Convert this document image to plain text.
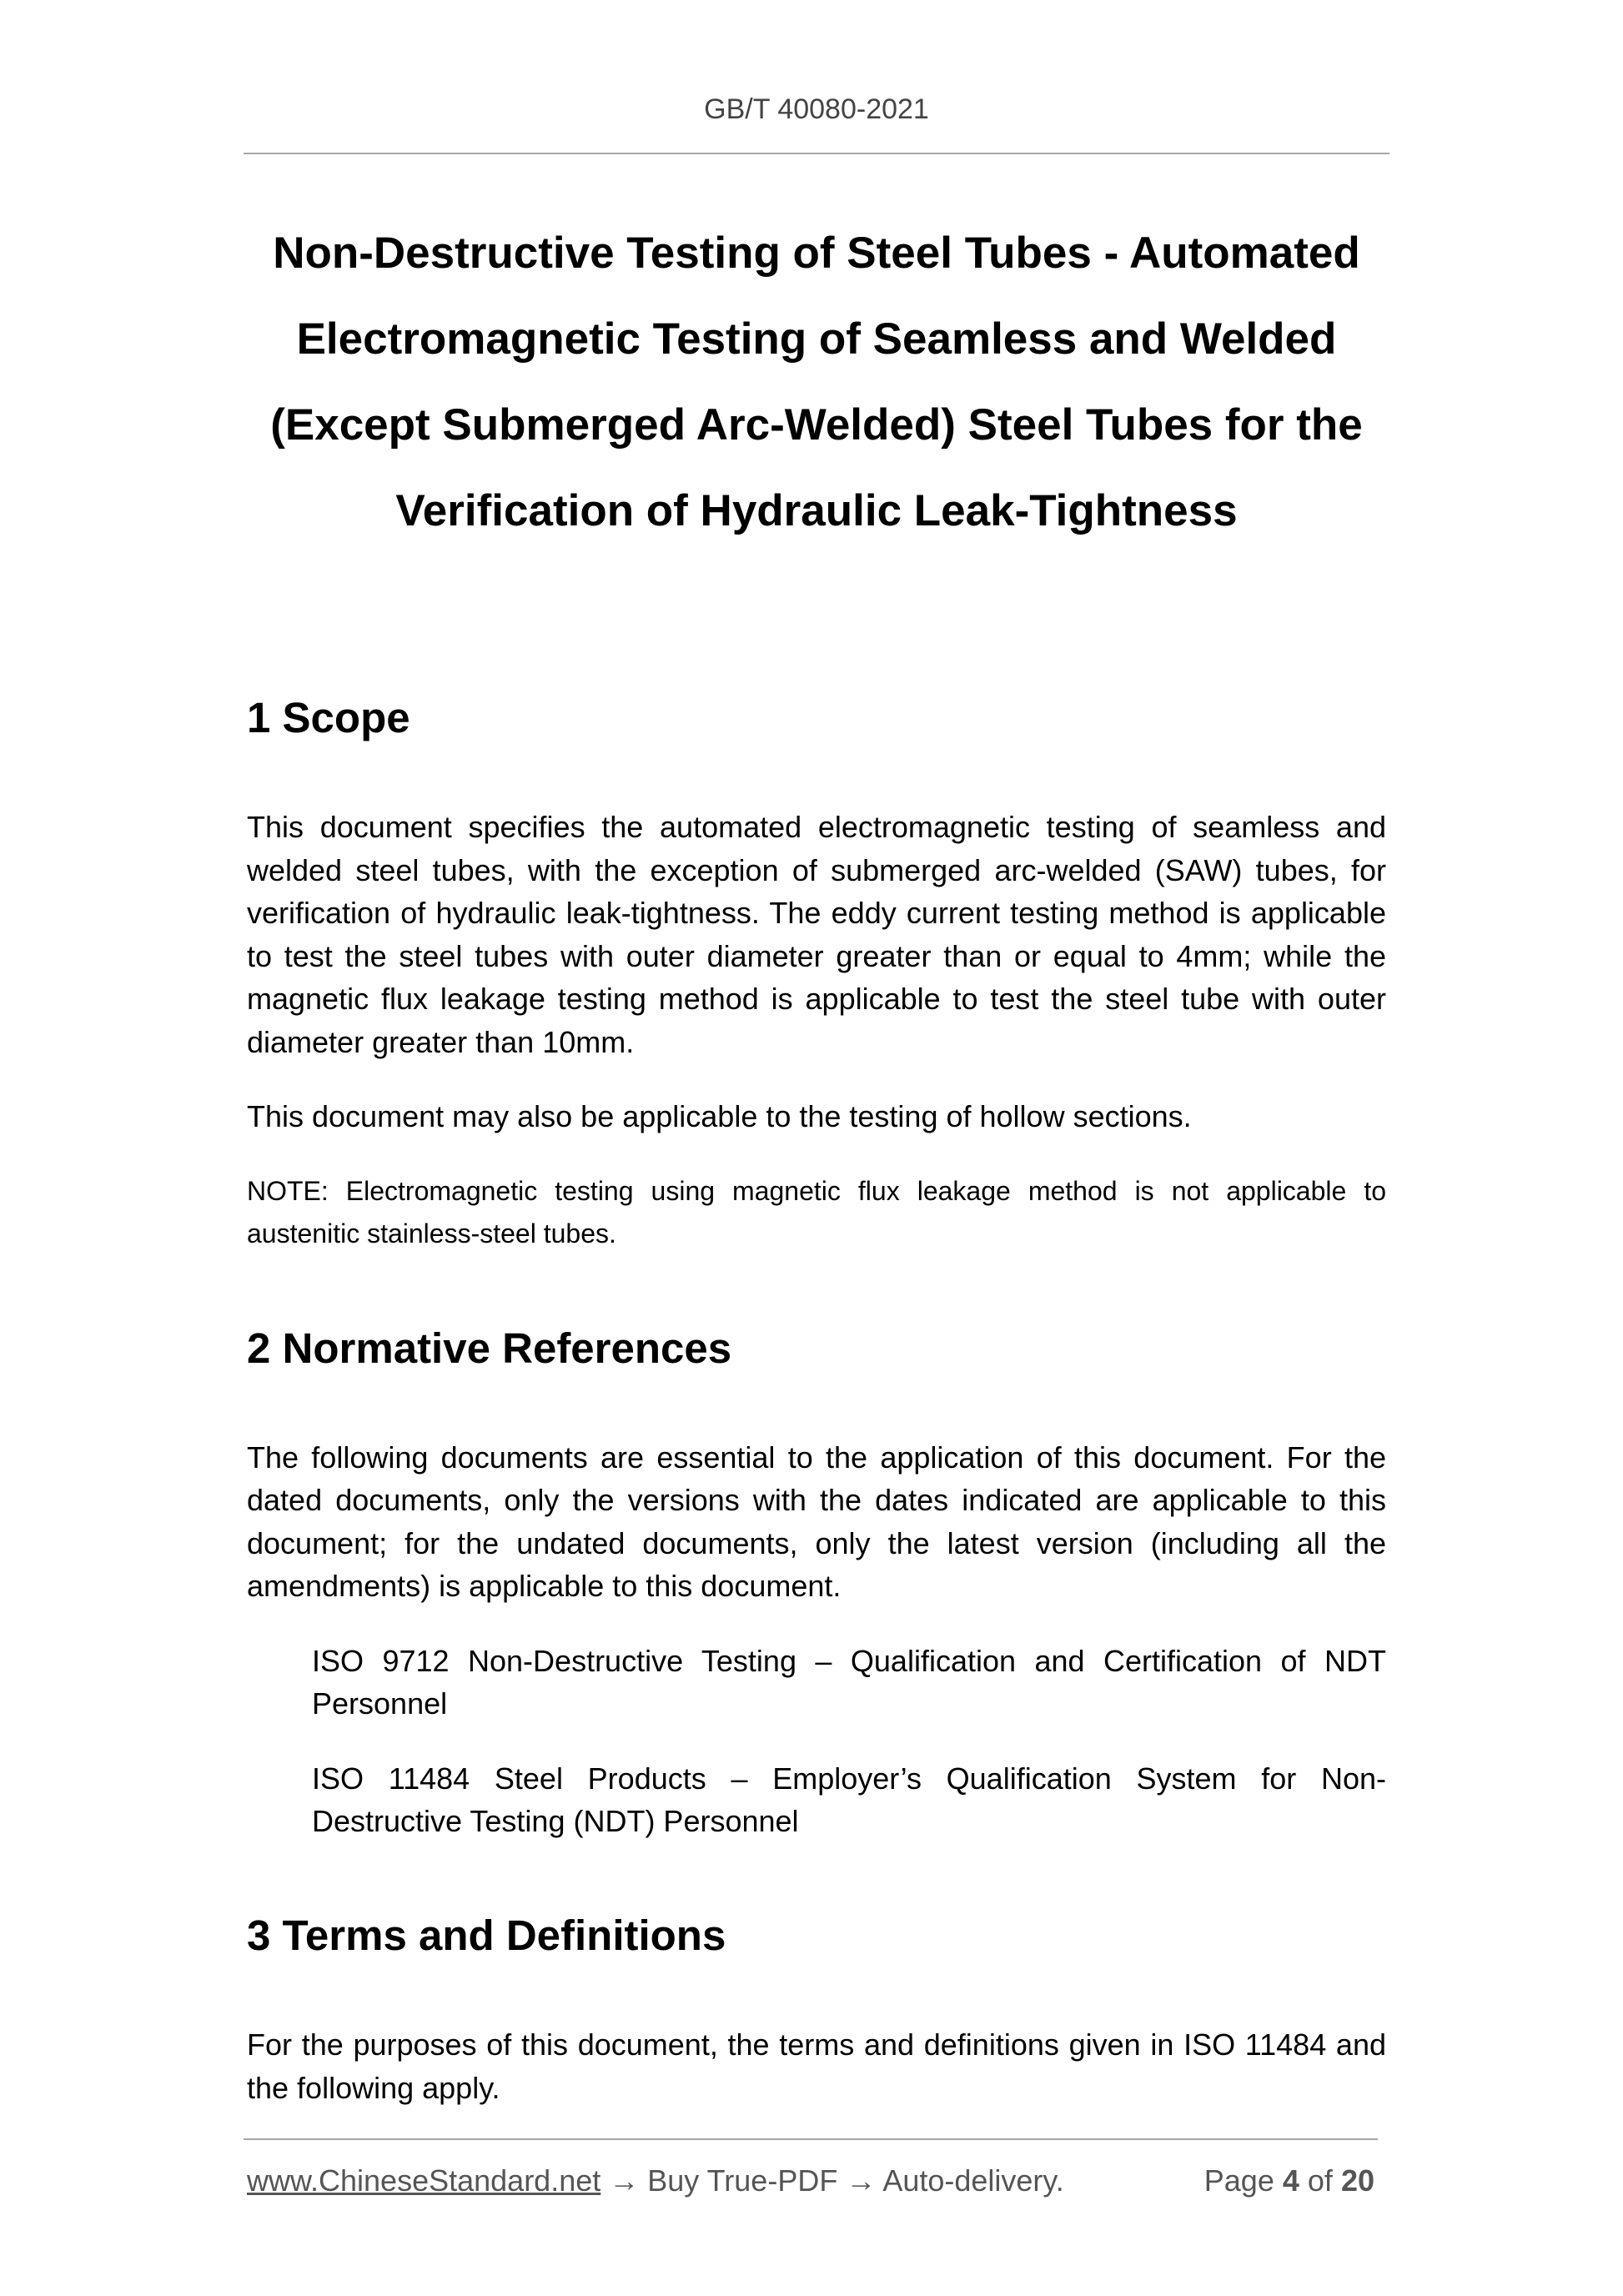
GB/T 40080-2021
Non-Destructive Testing of Steel Tubes - Automated
Electromagnetic Testing of Seamless and Welded
(Except Submerged Arc-Welded) Steel Tubes for the
Verification of Hydraulic Leak-Tightness
1 Scope

This document specifies the automated electromagnetic testing of seamless and welded steel tubes, with the exception of submerged arc-welded (SAW) tubes, for verification of hydraulic leak-tightness. The eddy current testing method is applicable to test the steel tubes with outer diameter greater than or equal to 4mm; while the magnetic flux leakage testing method is applicable to test the steel tube with outer diameter greater than 10mm.

This document may also be applicable to the testing of hollow sections.

NOTE: Electromagnetic testing using magnetic flux leakage method is not applicable to austenitic stainless-steel tubes.

2 Normative References

The following documents are essential to the application of this document. For the dated documents, only the versions with the dates indicated are applicable to this document; for the undated documents, only the latest version (including all the amendments) is applicable to this document.

ISO 9712 Non-Destructive Testing – Qualification and Certification of NDT Personnel

ISO 11484 Steel Products – Employer’s Qualification System for Non-Destructive Testing (NDT) Personnel

3 Terms and Definitions

For the purposes of this document, the terms and definitions given in ISO 11484 and the following apply.

www.ChineseStandard.net → Buy True-PDF → Auto-delivery.	Page 4 of 20
